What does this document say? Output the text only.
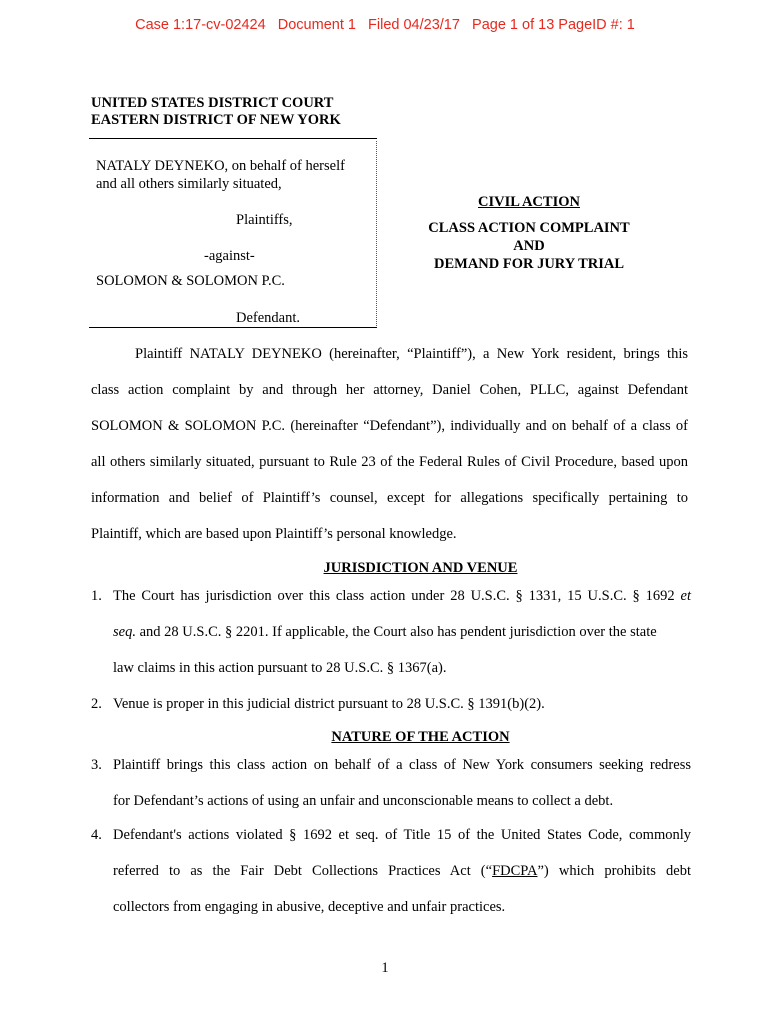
Case 1:17-cv-02424   Document 1   Filed 04/23/17   Page 1 of 13 PageID #: 1
UNITED STATES DISTRICT COURT
EASTERN DISTRICT OF NEW YORK
NATALY DEYNEKO, on behalf of herself
and all others similarly situated,
Plaintiffs,
-against-
SOLOMON & SOLOMON P.C.
Defendant.
CIVIL ACTION
CLASS ACTION COMPLAINT
AND
DEMAND FOR JURY TRIAL
Plaintiff NATALY DEYNEKO (hereinafter, “Plaintiff”), a New York resident, brings this
class action complaint by and through her attorney, Daniel Cohen, PLLC, against Defendant
SOLOMON & SOLOMON P.C. (hereinafter “Defendant”), individually and on behalf of a class of
all others similarly situated, pursuant to Rule 23 of the Federal Rules of Civil Procedure, based upon
information and belief of Plaintiff’s counsel, except for allegations specifically pertaining to
Plaintiff, which are based upon Plaintiff’s personal knowledge.
JURISDICTION AND VENUE
1. The Court has jurisdiction over this class action under 28 U.S.C. § 1331, 15 U.S.C. § 1692 et
seq. and 28 U.S.C. § 2201. If applicable, the Court also has pendent jurisdiction over the state
law claims in this action pursuant to 28 U.S.C. § 1367(a).
2. Venue is proper in this judicial district pursuant to 28 U.S.C. § 1391(b)(2).
NATURE OF THE ACTION
3. Plaintiff brings this class action on behalf of a class of New York consumers seeking redress
for Defendant’s actions of using an unfair and unconscionable means to collect a debt.
4. Defendant's actions violated § 1692 et seq. of Title 15 of the United States Code, commonly
referred to as the Fair Debt Collections Practices Act (“FDCPA”) which prohibits debt
collectors from engaging in abusive, deceptive and unfair practices.
1
